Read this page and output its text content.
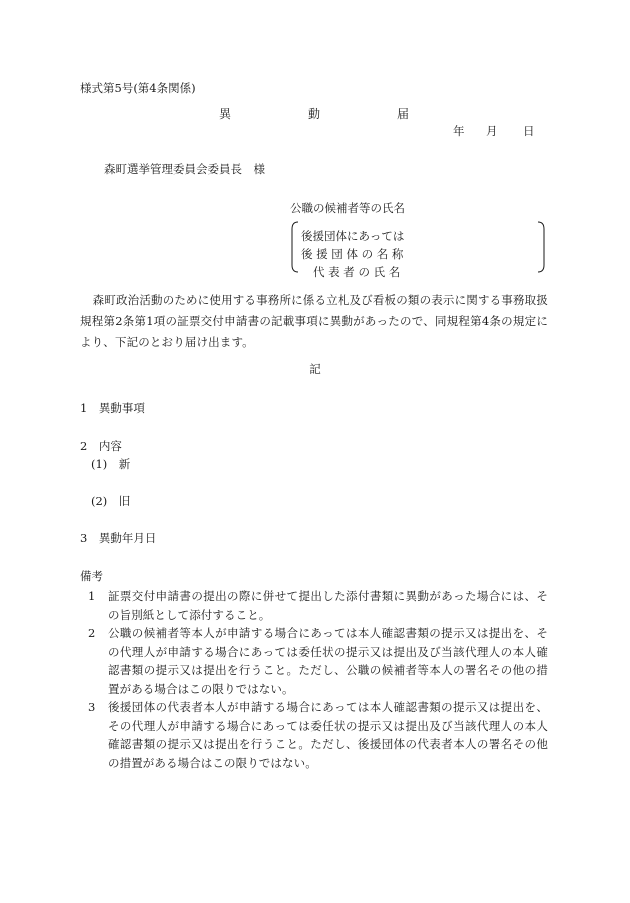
様式第5号(第4条関係)
異	動	届
年 月 日
森町選挙管理委員会委員長　様
公職の候補者等の氏名
後援団体にあっては
後 援 団 体 の 名 称
代 表 者 の 氏 名
森町政治活動のために使用する事務所に係る立札及び看板の類の表示に関する事務取扱規程第2条第1項の証票交付申請書の記載事項に異動があったので、同規程第4条の規定により、下記のとおり届け出ます。
記
1　異動事項
2　内容
(1)　新
(2)　旧
3　異動年月日
備考
1 証票交付申請書の提出の際に併せて提出した添付書類に異動があった場合には、その旨別紙として添付すること。
2 公職の候補者等本人が申請する場合にあっては本人確認書類の提示又は提出を、その代理人が申請する場合にあっては委任状の提示又は提出及び当該代理人の本人確認書類の提示又は提出を行うこと。ただし、公職の候補者等本人の署名その他の措置がある場合はこの限りではない。
3 後援団体の代表者本人が申請する場合にあっては本人確認書類の提示又は提出を、その代理人が申請する場合にあっては委任状の提示又は提出及び当該代理人の本人確認書類の提示又は提出を行うこと。ただし、後援団体の代表者本人の署名その他の措置がある場合はこの限りではない。
